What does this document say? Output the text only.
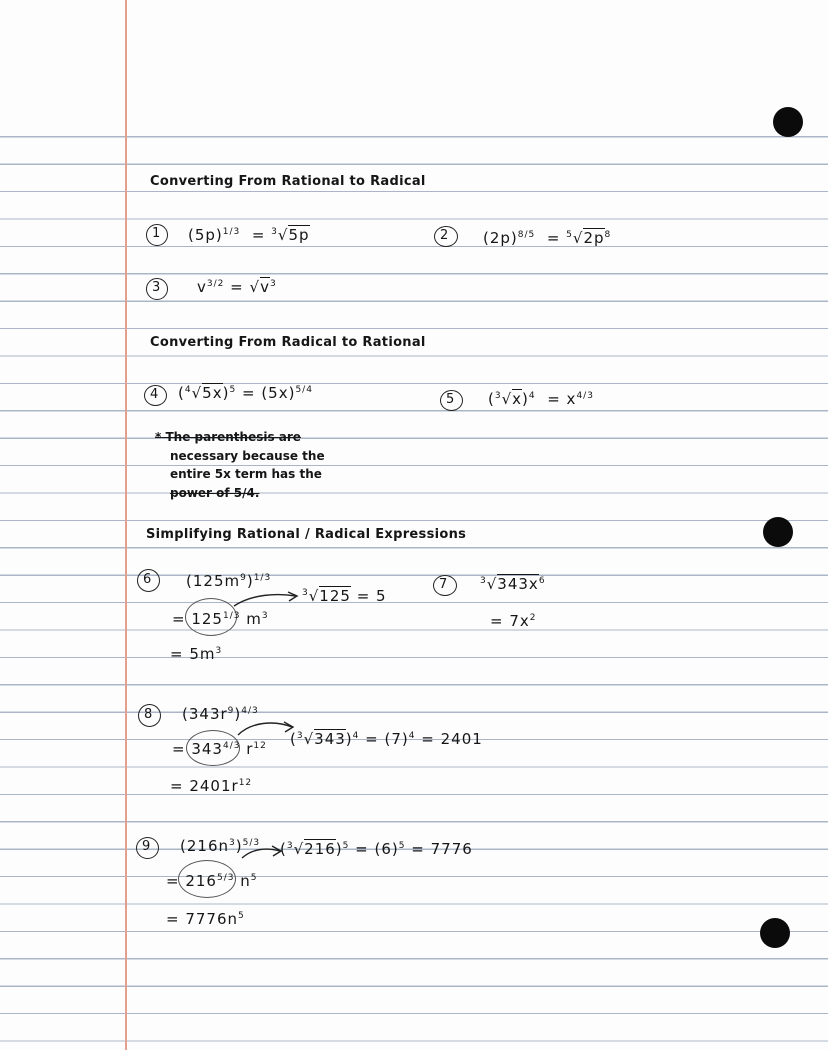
Converting From Rational to Radical
1 $(5p)^{1/3} = ^3√5p$	2 $(2p)^{8/5} = ^5√2p^8$
3 $v^{3/2} = √v^3$
Converting From Radical to Rational
4 $(^4√5x)^5 = (5x)^{5/4}$
5 $(^3√x)^4 = x^{4/3}$
* The parenthesis are
necessary because the
entire 5x term has the
power of 5/4.
Simplifying Rational / Radical Expressions
6 $(125m^9)^{1/3}$
= $125^{1/3}$ $m^3$
$^3$√125 = 5
= $5m^3$
7	$^3√343x^6$
= $7x^2$
8 $(343r^9)^{4/3}$
= $343^{4/3}$ $r^{12}$ $(^3√343)^4 = (7)^4 = 2401$
= $2401r^{12}$
9 $(216n^3)^{5/3}$
= $216^{5/3}$ $n^5$
$(^3√216)^5 = (6)^5 = 7776$
= $7776n^5$
